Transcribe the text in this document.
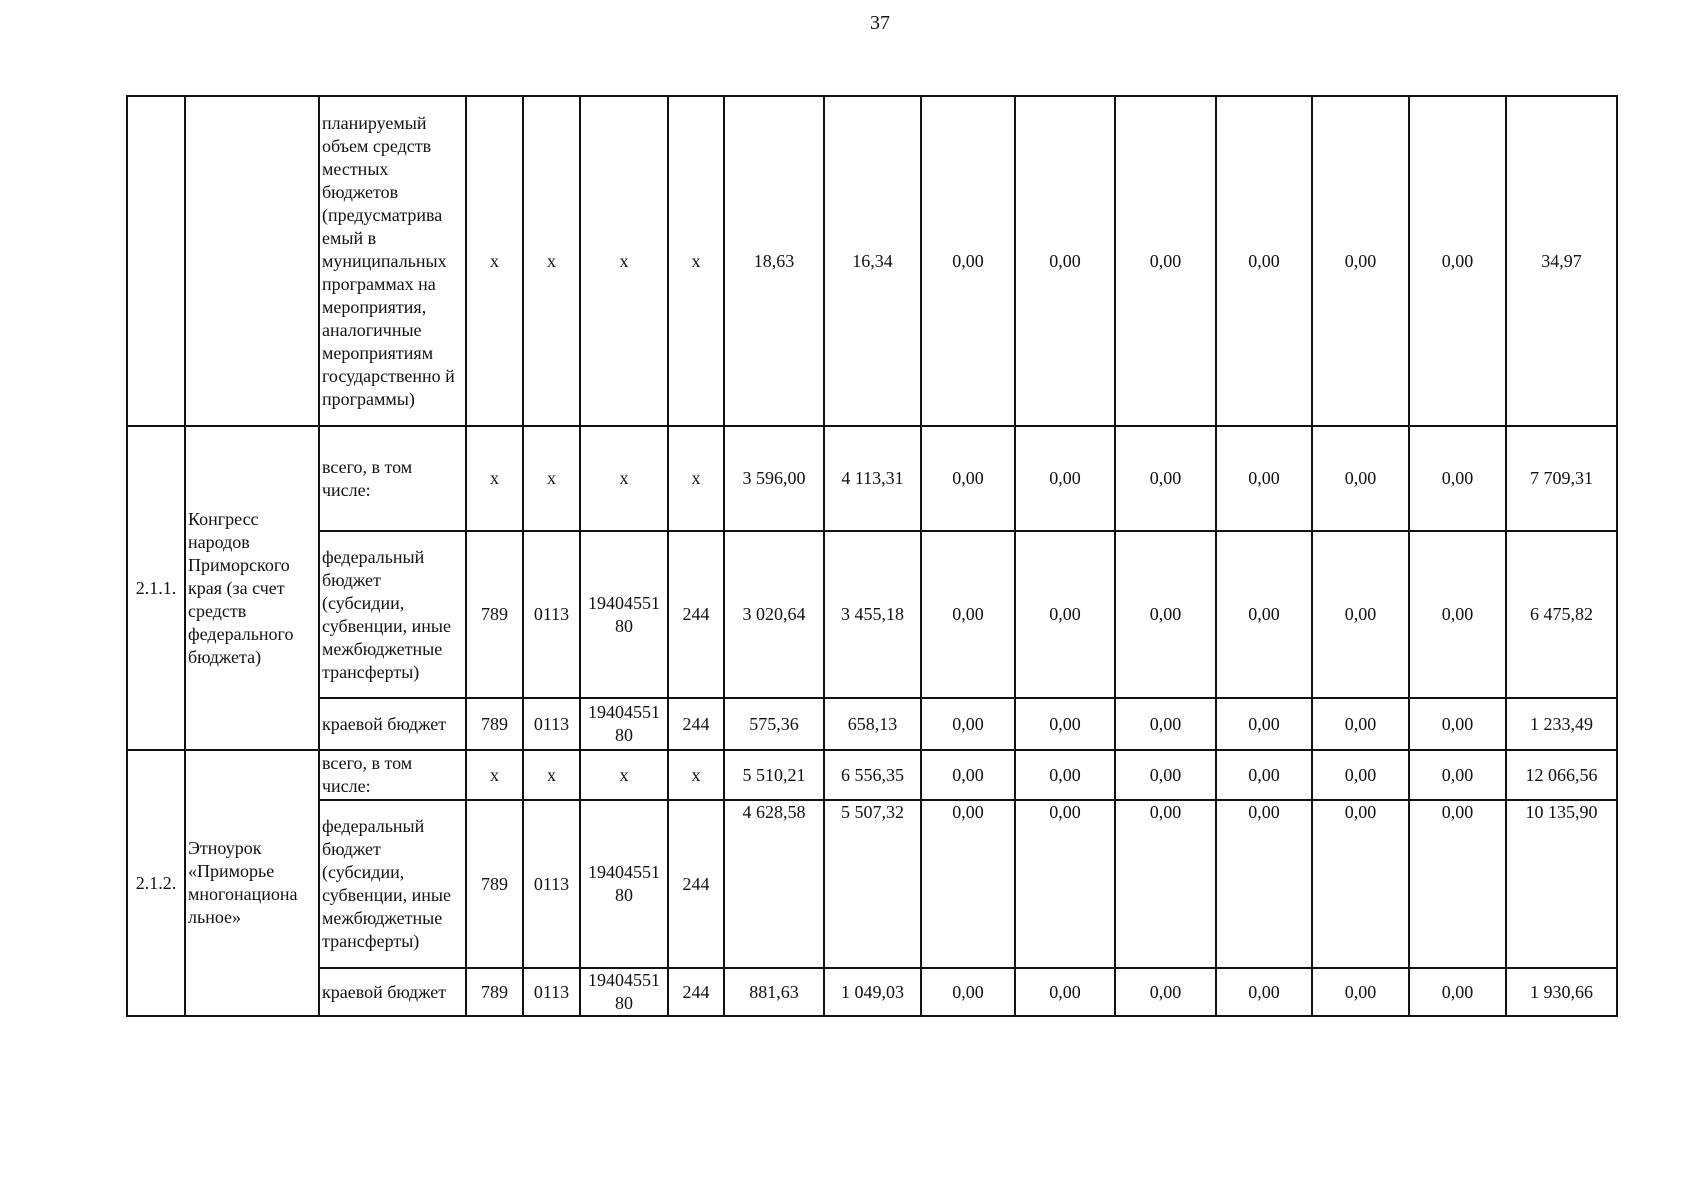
37
		планируемый объем средств местных бюджетов (предусматрива емый в муниципальных программах на мероприятия, аналогичные мероприятиям государственно й программы)	x	x	x	x	18,63	16,34	0,00	0,00	0,00	0,00	0,00	0,00	34,97
2.1.1.	Конгресс народов Приморского края (за счет средств федерального бюджета)	всего, в том числе:	x	x	x	x	3 596,00	4 113,31	0,00	0,00	0,00	0,00	0,00	0,00	7 709,31
		федеральный бюджет (субсидии, субвенции, иные межбюджетные трансферты)	789	0113	19404551 80	244	3 020,64	3 455,18	0,00	0,00	0,00	0,00	0,00	0,00	6 475,82
		краевой бюджет	789	0113	19404551 80	244	575,36	658,13	0,00	0,00	0,00	0,00	0,00	0,00	1 233,49
2.1.2.	Этноурок «Приморье многонациона льное»	всего, в том числе:	x	x	x	x	5 510,21	6 556,35	0,00	0,00	0,00	0,00	0,00	0,00	12 066,56
		федеральный бюджет (субсидии, субвенции, иные межбюджетные трансферты)	789	0113	19404551 80	244	4 628,58	5 507,32	0,00	0,00	0,00	0,00	0,00	0,00	10 135,90
		краевой бюджет	789	0113	19404551 80	244	881,63	1 049,03	0,00	0,00	0,00	0,00	0,00	0,00	1 930,66
